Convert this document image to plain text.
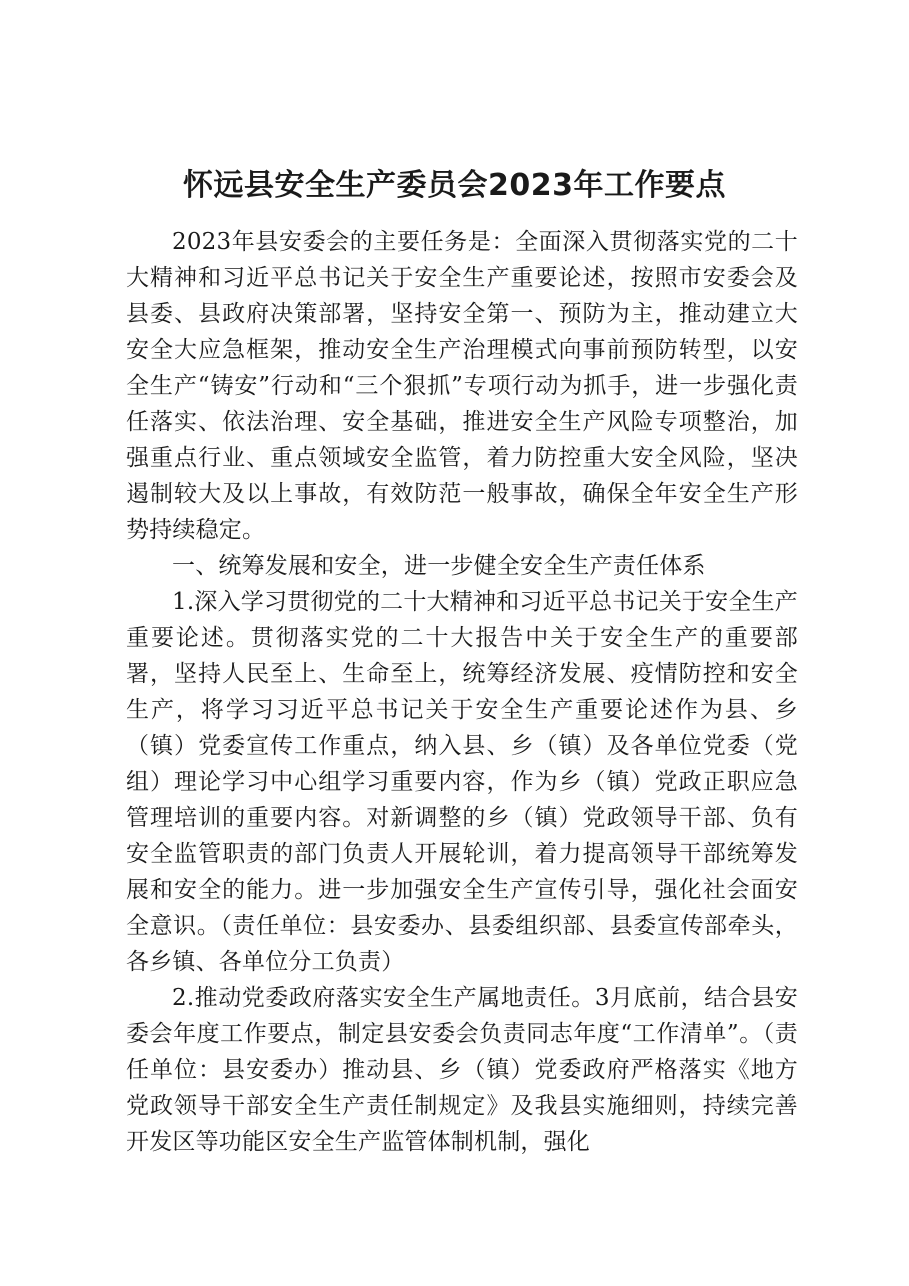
怀远县安全生产委员会2023年工作要点

2023年县安委会的主要任务是：全面深入贯彻落实党的二十大精神和习近平总书记关于安全生产重要论述，按照市安委会及县委、县政府决策部署，坚持安全第一、预防为主，推动建立大安全大应急框架，推动安全生产治理模式向事前预防转型，以安全生产“铸安”行动和“三个狠抓”专项行动为抓手，进一步强化责任落实、依法治理、安全基础，推进安全生产风险专项整治，加强重点行业、重点领域安全监管，着力防控重大安全风险，坚决遏制较大及以上事故，有效防范一般事故，确保全年安全生产形势持续稳定。

一、统筹发展和安全，进一步健全安全生产责任体系

1.深入学习贯彻党的二十大精神和习近平总书记关于安全生产重要论述。贯彻落实党的二十大报告中关于安全生产的重要部署，坚持人民至上、生命至上，统筹经济发展、疫情防控和安全生产，将学习习近平总书记关于安全生产重要论述作为县、乡（镇）党委宣传工作重点，纳入县、乡（镇）及各单位党委（党组）理论学习中心组学习重要内容，作为乡（镇）党政正职应急管理培训的重要内容。对新调整的乡（镇）党政领导干部、负有安全监管职责的部门负责人开展轮训，着力提高领导干部统筹发展和安全的能力。进一步加强安全生产宣传引导，强化社会面安全意识。（责任单位：县安委办、县委组织部、县委宣传部牵头，各乡镇、各单位分工负责）

2.推动党委政府落实安全生产属地责任。3月底前，结合县安委会年度工作要点，制定县安委会负责同志年度“工作清单”。（责任单位：县安委办）推动县、乡（镇）党委政府严格落实《地方党政领导干部安全生产责任制规定》及我县实施细则，持续完善开发区等功能区安全生产监管体制机制，强化
